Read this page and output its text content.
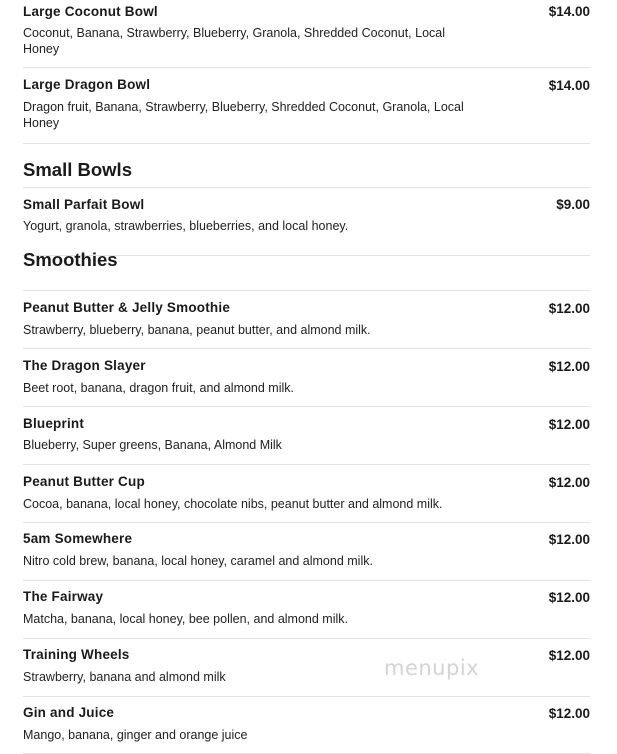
Large Coconut Bowl	$14.00
Coconut, Banana, Strawberry, Blueberry, Granola, Shredded Coconut, Local Honey
Large Dragon Bowl	$14.00
Dragon fruit, Banana, Strawberry, Blueberry, Shredded Coconut, Granola, Local Honey
Small Bowls
Small Parfait Bowl	$9.00
Yogurt, granola, strawberries, blueberries, and local honey.
Smoothies
Peanut Butter & Jelly Smoothie	$12.00
Strawberry, blueberry, banana, peanut butter, and almond milk.
The Dragon Slayer	$12.00
Beet root, banana, dragon fruit, and almond milk.
Blueprint	$12.00
Blueberry, Super greens, Banana, Almond Milk
Peanut Butter Cup	$12.00
Cocoa, banana, local honey, chocolate nibs, peanut butter and almond milk.
5am Somewhere	$12.00
Nitro cold brew, banana, local honey, caramel and almond milk.
The Fairway	$12.00
Matcha, banana, local honey, bee pollen, and almond milk.
Training Wheels	$12.00
Strawberry, banana and almond milk
Gin and Juice	$12.00
Mango, banana, ginger and orange juice
menupix
